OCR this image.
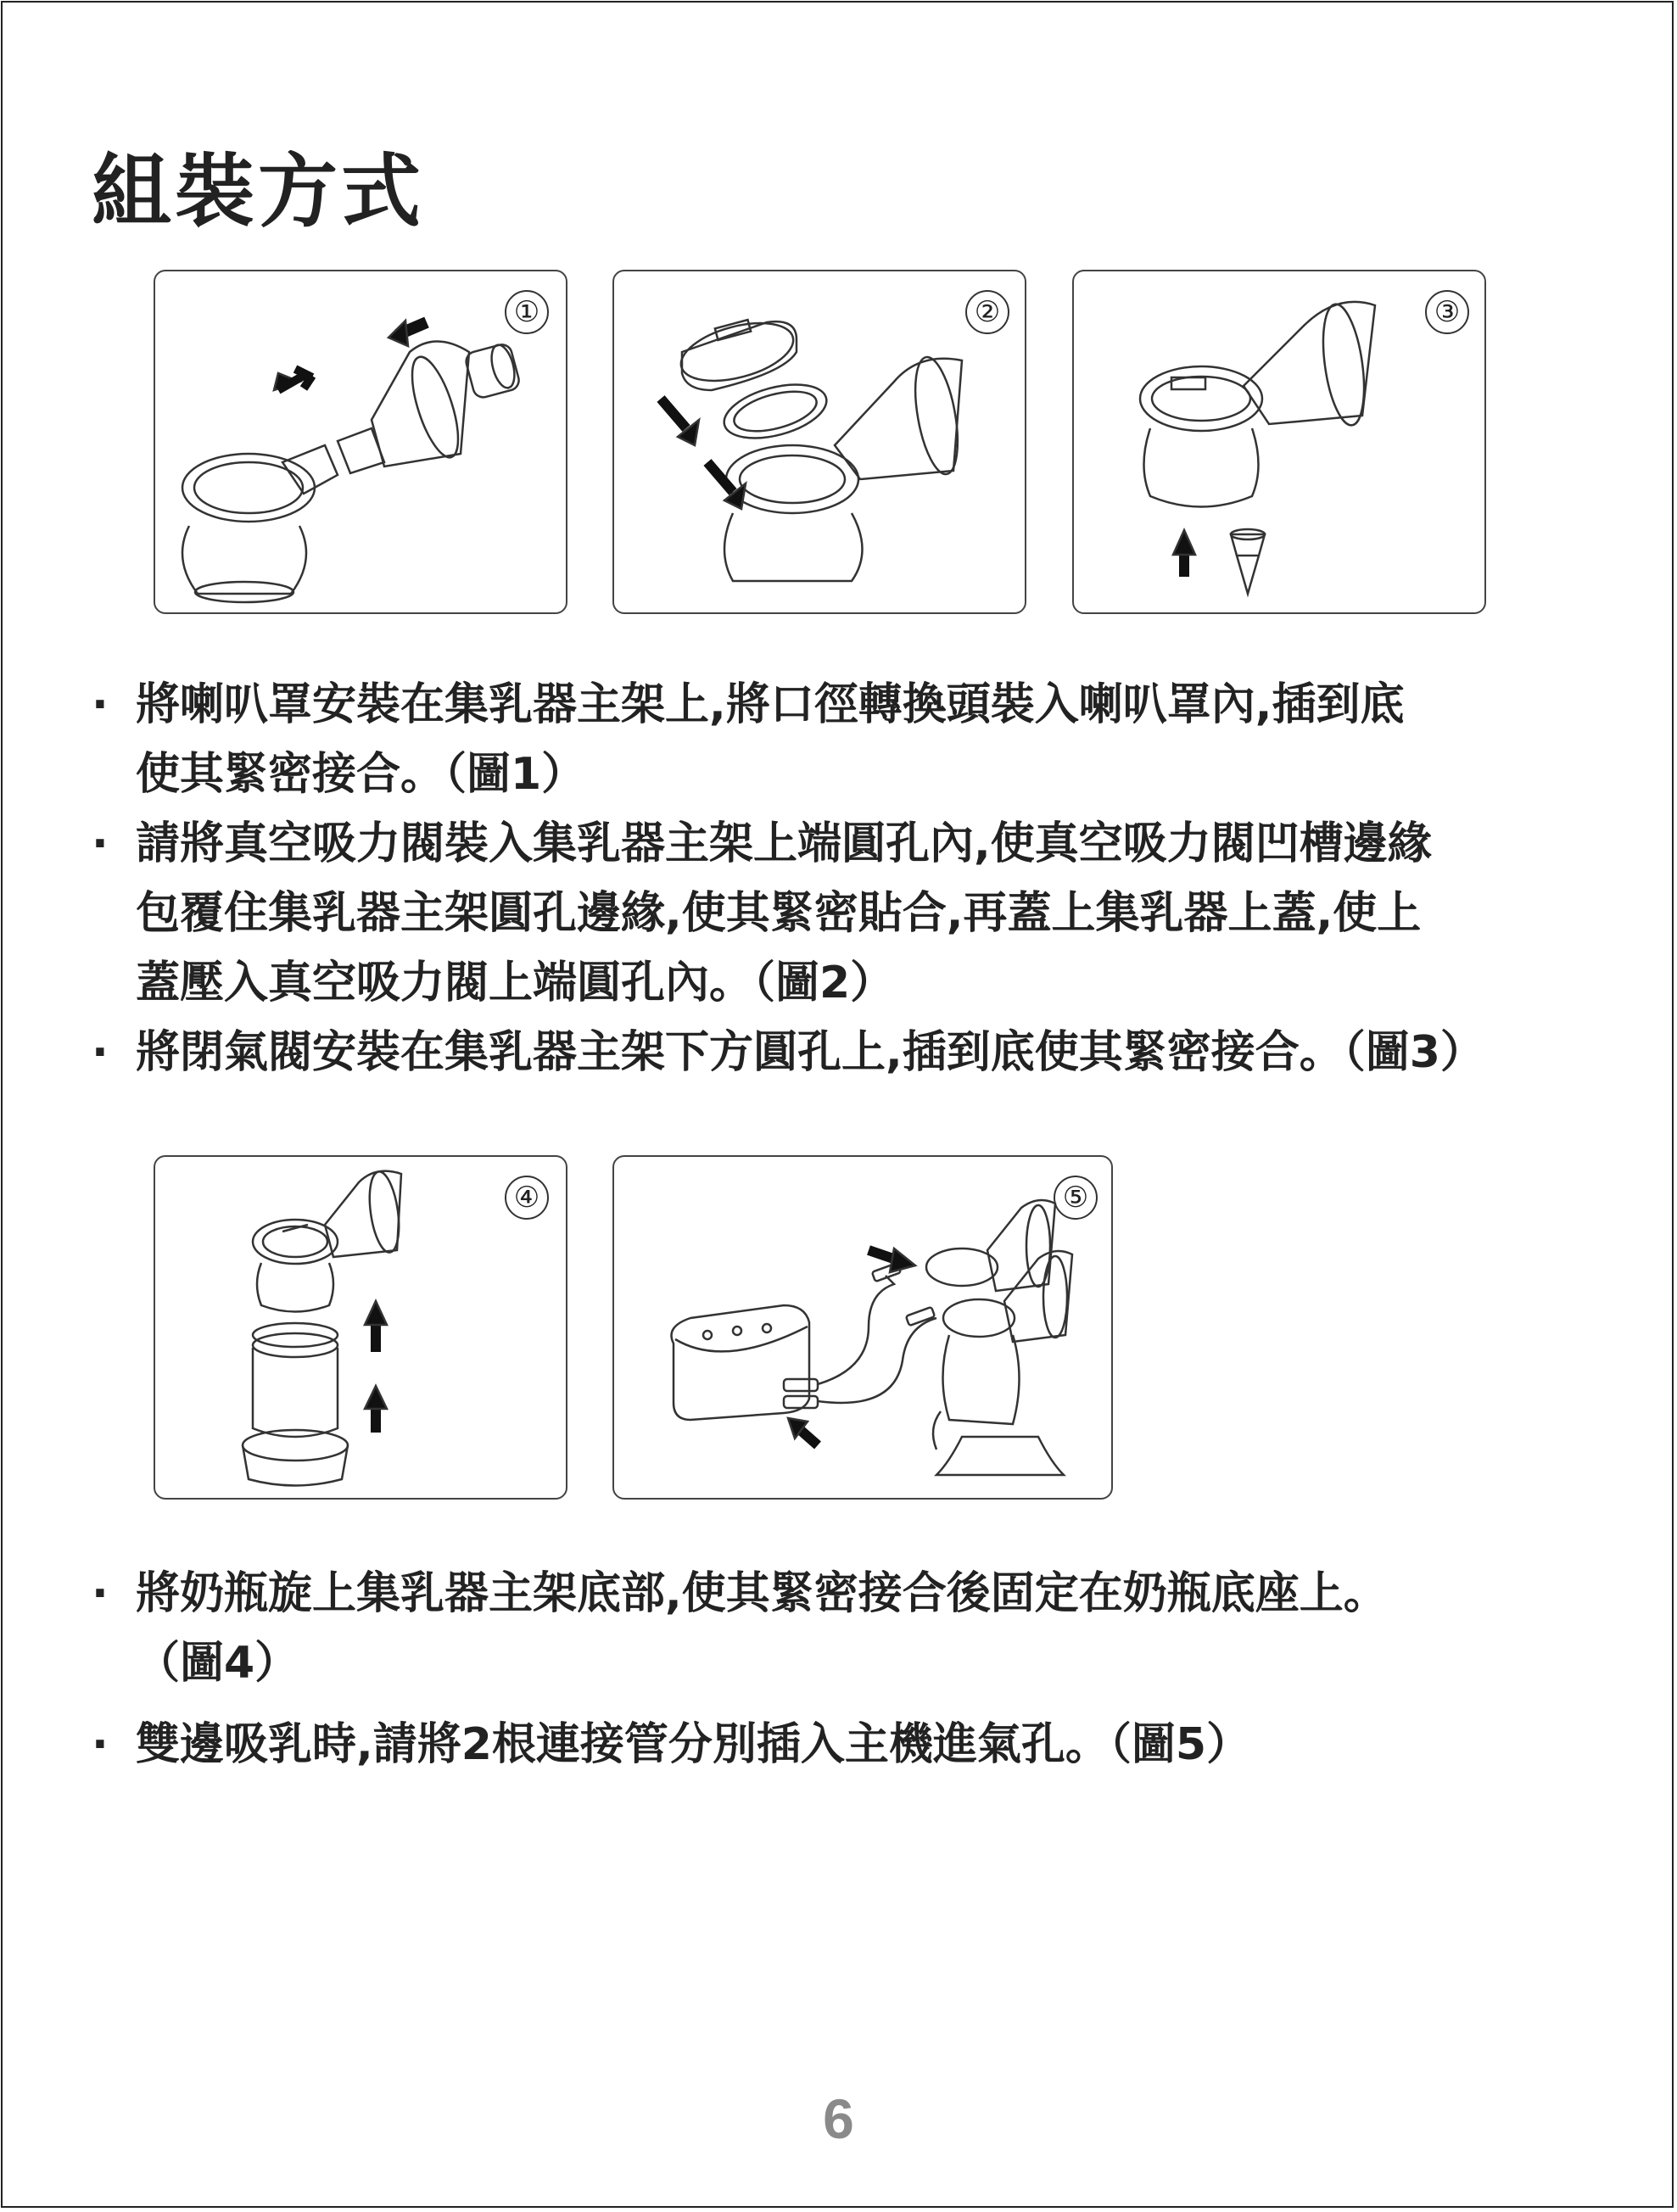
組裝方式
①	②	③
· 將喇叭罩安裝在集乳器主架上,將口徑轉換頭裝入喇叭罩內,插到底
使其緊密接合。（圖1）
· 請將真空吸力閥裝入集乳器主架上端圓孔內,使真空吸力閥凹槽邊緣
包覆住集乳器主架圓孔邊緣,使其緊密貼合,再蓋上集乳器上蓋,使上
蓋壓入真空吸力閥上端圓孔內。（圖2）
· 將閉氣閥安裝在集乳器主架下方圓孔上,插到底使其緊密接合。（圖3）
④	⑤
· 將奶瓶旋上集乳器主架底部,使其緊密接合後固定在奶瓶底座上。
（圖4）
· 雙邊吸乳時,請將2根連接管分別插入主機進氣孔。（圖5）
6
